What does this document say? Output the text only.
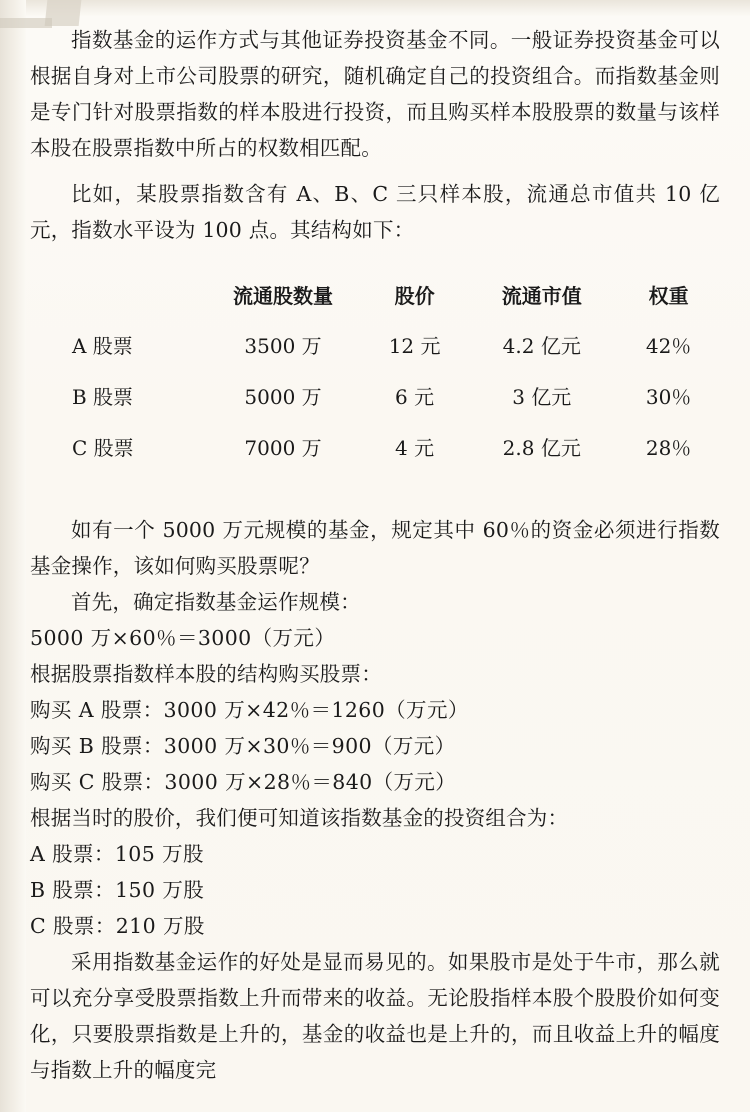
指数基金的运作方式与其他证券投资基金不同。一般证券投资基金可以根据自身对上市公司股票的研究，随机确定自己的投资组合。而指数基金则是专门针对股票指数的样本股进行投资，而且购买样本股股票的数量与该样本股在股票指数中所占的权数相匹配。

比如，某股票指数含有 A、B、C 三只样本股，流通总市值共 10 亿元，指数水平设为 100 点。其结构如下：

	流通股数量	股价	流通市值	权重
A 股票	3500 万	12 元	4.2 亿元	42％
B 股票	5000 万	6 元	3 亿元	30％
C 股票	7000 万	4 元	2.8 亿元	28％

如有一个 5000 万元规模的基金，规定其中 60％的资金必须进行指数基金操作，该如何购买股票呢？

首先，确定指数基金运作规模：

5000 万×60％＝3000（万元）

根据股票指数样本股的结构购买股票：

购买 A 股票：3000 万×42％＝1260（万元）

购买 B 股票：3000 万×30％＝900（万元）

购买 C 股票：3000 万×28％＝840（万元）

根据当时的股价，我们便可知道该指数基金的投资组合为：

A 股票：105 万股

B 股票：150 万股

C 股票：210 万股

采用指数基金运作的好处是显而易见的。如果股市是处于牛市，那么就可以充分享受股票指数上升而带来的收益。无论股指样本股个股股价如何变化，只要股票指数是上升的，基金的收益也是上升的，而且收益上升的幅度与指数上升的幅度完
